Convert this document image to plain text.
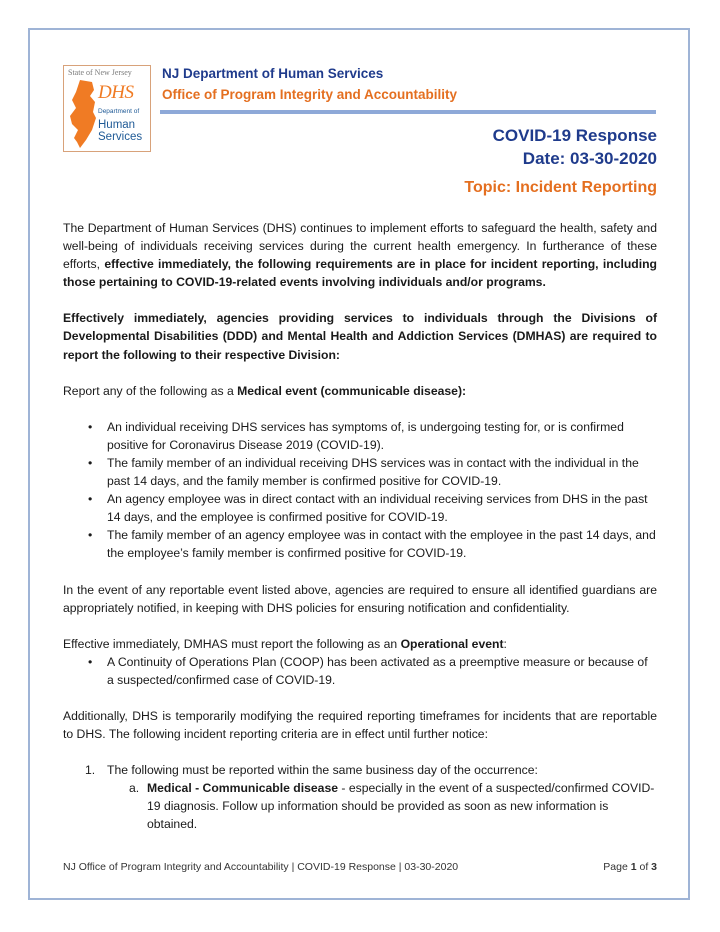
State of New Jersey
DHS
Department of
Human
Services
NJ Department of Human Services
Office of Program Integrity and Accountability
COVID-19 Response
Date: 03-30-2020
Topic: Incident Reporting

The Department of Human Services (DHS) continues to implement efforts to safeguard the health, safety and well-being of individuals receiving services during the current health emergency. In furtherance of these efforts, effective immediately, the following requirements are in place for incident reporting, including those pertaining to COVID-19-related events involving individuals and/or programs.

Effectively immediately, agencies providing services to individuals through the Divisions of Developmental Disabilities (DDD) and Mental Health and Addiction Services (DMHAS) are required to report the following to their respective Division:

Report any of the following as a Medical event (communicable disease):

• An individual receiving DHS services has symptoms of, is undergoing testing for, or is confirmed positive for Coronavirus Disease 2019 (COVID-19).
• The family member of an individual receiving DHS services was in contact with the individual in the past 14 days, and the family member is confirmed positive for COVID-19.
• An agency employee was in direct contact with an individual receiving services from DHS in the past 14 days, and the employee is confirmed positive for COVID-19.
• The family member of an agency employee was in contact with the employee in the past 14 days, and the employee’s family member is confirmed positive for COVID-19.

In the event of any reportable event listed above, agencies are required to ensure all identified guardians are appropriately notified, in keeping with DHS policies for ensuring notification and confidentiality.

Effective immediately, DMHAS must report the following as an Operational event:

• A Continuity of Operations Plan (COOP) has been activated as a preemptive measure or because of a suspected/confirmed case of COVID-19.

Additionally, DHS is temporarily modifying the required reporting timeframes for incidents that are reportable to DHS. The following incident reporting criteria are in effect until further notice:

1. The following must be reported within the same business day of the occurrence:
a. Medical - Communicable disease - especially in the event of a suspected/confirmed COVID-19 diagnosis. Follow up information should be provided as soon as new information is obtained.
NJ Office of Program Integrity and Accountability | COVID-19 Response | 03-30-2020	Page 1 of 3
